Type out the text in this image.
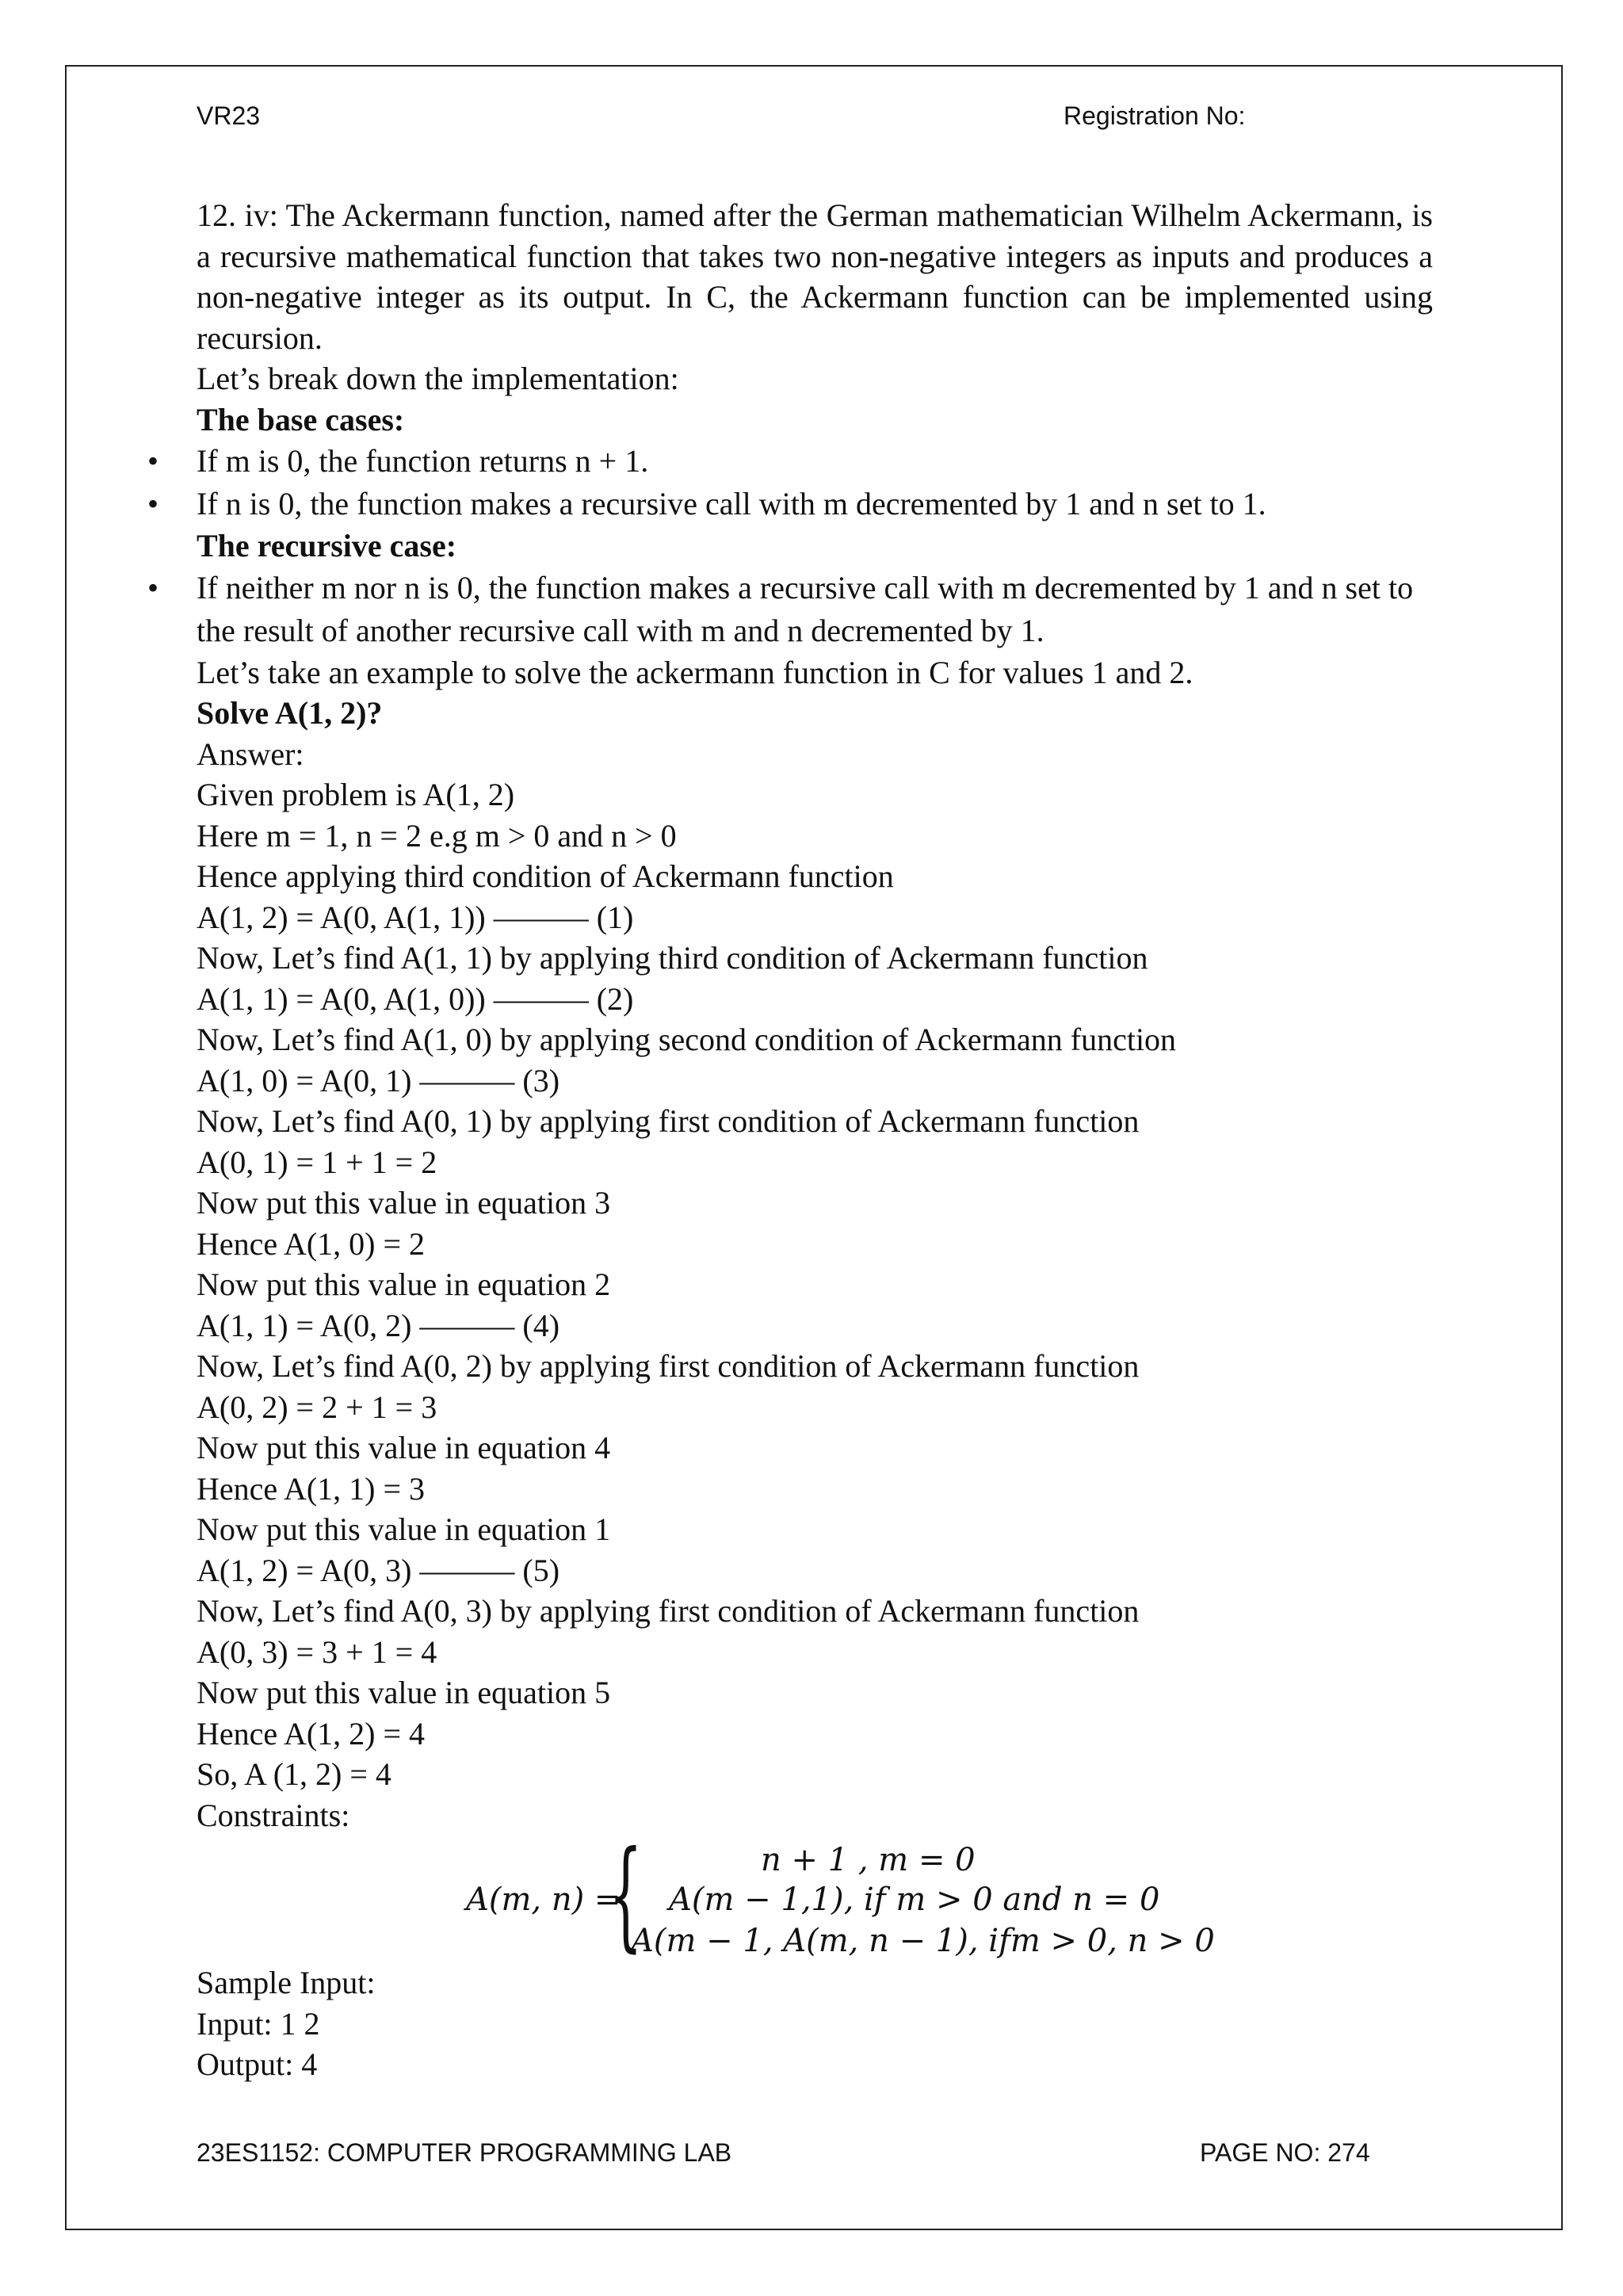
VR23	Registration No:

12. iv: The Ackermann function, named after the German mathematician Wilhelm Ackermann, is a recursive mathematical function that takes two non-negative integers as inputs and produces a non-negative integer as its output. In C, the Ackermann function can be implemented using recursion.

Let’s break down the implementation:

The base cases:

• If m is 0, the function returns n + 1.
• If n is 0, the function makes a recursive call with m decremented by 1 and n set to 1.

The recursive case:

• If neither m nor n is 0, the function makes a recursive call with m decremented by 1 and n set to the result of another recursive call with m and n decremented by 1.

Let’s take an example to solve the ackermann function in C for values 1 and 2.

Solve A(1, 2)?

Answer:

Given problem is A(1, 2)

Here m = 1, n = 2 e.g m > 0 and n > 0

Hence applying third condition of Ackermann function

A(1, 2) = A(0, A(1, 1)) ——— (1)

Now, Let’s find A(1, 1) by applying third condition of Ackermann function

A(1, 1) = A(0, A(1, 0)) ——— (2)

Now, Let’s find A(1, 0) by applying second condition of Ackermann function

A(1, 0) = A(0, 1) ——— (3)

Now, Let’s find A(0, 1) by applying first condition of Ackermann function

A(0, 1) = 1 + 1 = 2

Now put this value in equation 3

Hence A(1, 0) = 2

Now put this value in equation 2

A(1, 1) = A(0, 2) ——— (4)

Now, Let’s find A(0, 2) by applying first condition of Ackermann function

A(0, 2) = 2 + 1 = 3

Now put this value in equation 4

Hence A(1, 1) = 3

Now put this value in equation 1

A(1, 2) = A(0, 3) ——— (5)

Now, Let’s find A(0, 3) by applying first condition of Ackermann function

A(0, 3) = 3 + 1 = 4

Now put this value in equation 5

Hence A(1, 2) = 4

So, A (1, 2) = 4

Constraints:

A(m, n) =
{	n + 1 , m = 0
A(m − 1,1), if m > 0 and n = 0
A(m − 1, A(m, n − 1), ifm > 0, n > 0

Sample Input:

Input: 1 2

Output: 4

23ES1152: COMPUTER PROGRAMMING LAB	PAGE NO: 274
